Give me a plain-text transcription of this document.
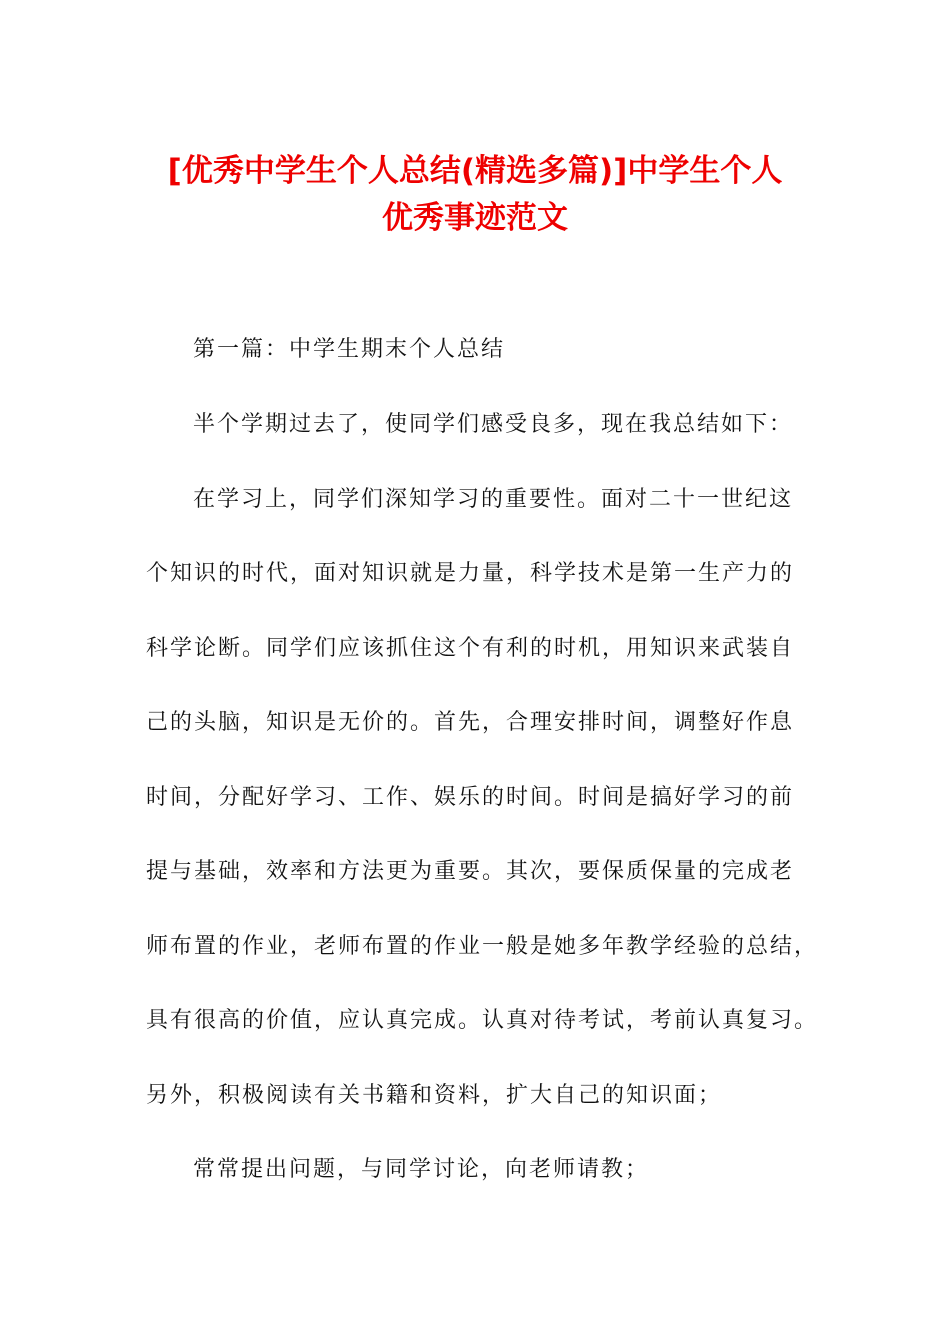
[优秀中学生个人总结(精选多篇)]中学生个人
优秀事迹范文

第一篇：中学生期末个人总结

半个学期过去了，使同学们感受良多，现在我总结如下：

在学习上，同学们深知学习的重要性。面对二十一世纪这

个知识的时代，面对知识就是力量，科学技术是第一生产力的

科学论断。同学们应该抓住这个有利的时机，用知识来武装自

己的头脑，知识是无价的。首先，合理安排时间，调整好作息

时间，分配好学习、工作、娱乐的时间。时间是搞好学习的前

提与基础，效率和方法更为重要。其次，要保质保量的完成老

师布置的作业，老师布置的作业一般是她多年教学经验的总结，

具有很高的价值，应认真完成。认真对待考试，考前认真复习。

另外，积极阅读有关书籍和资料，扩大自己的知识面；

常常提出问题，与同学讨论，向老师请教；
